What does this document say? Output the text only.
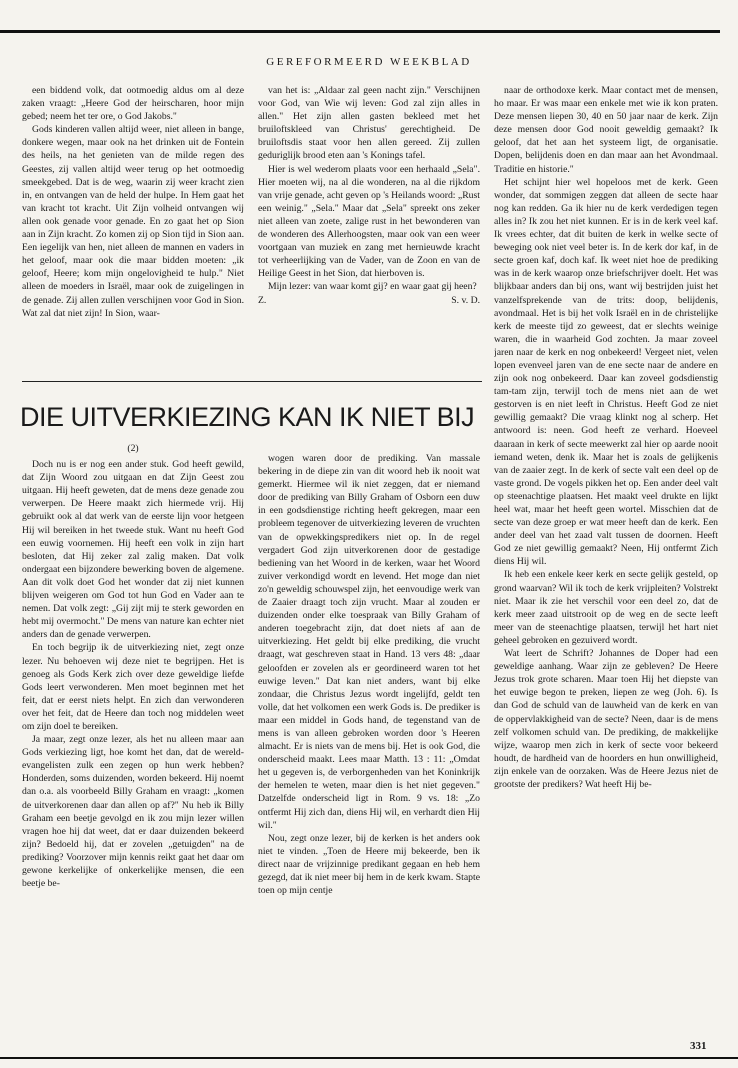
GEREFORMEERD WEEKBLAD

een biddend volk, dat ootmoedig aldus om al deze zaken vraagt: „Heere God der heirscharen, hoor mijn gebed; neem het ter ore, o God Jakobs."

Gods kinderen vallen altijd weer, niet alleen in bange, donkere wegen, maar ook na het drinken uit de Fontein des heils, na het genieten van de milde regen des Geestes, zij vallen altijd weer terug op het ootmoedig smeekgebed. Dat is de weg, waarin zij weer kracht zien in, en ontvangen van de held der hulpe. In Hem gaat het van kracht tot kracht. Uit Zijn volheid ontvangen wij allen ook genade voor genade. En zo gaat het op Sion aan in Zijn kracht. Zo komen zij op Sion tijd in Sion aan. Een iegelijk van hen, niet alleen de mannen en vaders in het geloof, maar ook die maar bidden moeten: „ik geloof, Heere; kom mijn ongelovigheid te hulp." Niet alleen de moeders in Israël, maar ook de zuigelingen in de genade. Zij allen zullen verschijnen voor God in Sion. Wat zal dat niet zijn! In Sion, waar-

van het is: „Aldaar zal geen nacht zijn." Verschijnen voor God, van Wie wij leven: God zal zijn alles in allen." Het zijn allen gasten bekleed met het bruiloftskleed van Christus' gerechtigheid. De bruiloftsdis staat voor hen allen gereed. Zij zullen geduriglijk brood eten aan 's Konings tafel.

Hier is wel wederom plaats voor een herhaald „Sela". Hier moeten wij, na al die wonderen, na al die rijkdom van vrije genade, acht geven op 's Heilands woord: „Rust een weinig." „Sela." Maar dat „Sela" spreekt ons zeker niet alleen van zoete, zalige rust in het bewonderen van de wonderen des Allerhoogsten, maar ook van een weer voortgaan van muziek en zang met hernieuwde kracht tot verheerlijking van de Vader, van de Zoon en van de Heilige Geest in het Sion, dat hierboven is.

Mijn lezer: van waar komt gij? en waar gaat gij heen?

Z.	S. v. D.

DIE UITVERKIEZING KAN IK NIET BIJ

(2)

Doch nu is er nog een ander stuk. God heeft gewild, dat Zijn Woord zou uitgaan en dat Zijn Geest zou uitgaan. Hij heeft geweten, dat de mens deze genade zou verwerpen. De Heere maakt zich hiermede vrij. Hij gebruikt ook al dat werk van de eerste lijn voor hetgeen Hij wil bereiken in het tweede stuk. Want nu heeft God een euwig voornemen. Hij heeft een volk in zijn hart besloten, dat Hij zeker zal zalig maken. Dat volk ondergaat een bijzondere bewerking boven de algemene. Aan dit volk doet God het wonder dat zij niet kunnen blijven weigeren om God tot hun God en Vader aan te nemen. Dat volk zegt: „Gij zijt mij te sterk geworden en hebt mij overmocht." De mens van nature kan echter niet anders dan de genade verwerpen.

En toch begrijp ik de uitverkiezing niet, zegt onze lezer. Nu behoeven wij deze niet te begrijpen. Het is genoeg als Gods Kerk zich over deze geweldige liefde Gods leert verwonderen. Men moet beginnen met het feit, dat er eerst niets helpt. En zich dan verwonderen over het feit, dat de Heere dan toch nog middelen weet om zijn doel te bereiken.

Ja maar, zegt onze lezer, als het nu alleen maar aan Gods verkiezing ligt, hoe komt het dan, dat de wereld-evangelisten zulk een zegen op hun werk hebben? Honderden, soms duizenden, worden bekeerd. Hij noemt dan o.a. als voorbeeld Billy Graham en vraagt: „komen de uitverkorenen daar dan allen op af?" Nu heb ik Billy Graham een beetje gevolgd en ik zou mijn lezer willen vragen hoe hij dat weet, dat er daar duizenden bekeerd zijn? Bedoeld hij, dat er zovelen „getuigden" na de prediking? Voorzover mijn kennis reikt gaat het daar om gewone kerkelijke of onkerkelijke mensen, die een beetje be-

wogen waren door de prediking. Van massale bekering in de diepe zin van dit woord heb ik nooit wat gemerkt. Hiermee wil ik niet zeggen, dat er niemand door de prediking van Billy Graham of Osborn een duw in een godsdienstige richting heeft gekregen, maar een probleem tegenover de uitverkiezing leveren de vruchten van de opwekkingspredikers niet op. In de regel vergadert God zijn uitverkorenen door de gestadige bediening van het Woord in de kerken, waar het Woord zuiver verkondigd wordt en levend. Het moge dan niet zo'n geweldig schouwspel zijn, het eenvoudige werk van de Zaaier draagt toch zijn vrucht. Maar al zouden er duizenden onder elke toespraak van Billy Graham of anderen toegebracht zijn, dat doet niets af aan de uitverkiezing. Het geldt bij elke prediking, die vrucht draagt, wat geschreven staat in Hand. 13 vers 48: „daar geloofden er zovelen als er geordineerd waren tot het euwige leven." Dat kan niet anders, want bij elke zondaar, die Christus Jezus wordt ingelijfd, geldt ten volle, dat het volkomen een werk Gods is. De prediker is maar een middel in Gods hand, de tegenstand van de mens is van alleen gebroken worden door 's Heeren almacht. Er is niets van de mens bij. Het is ook God, die onderscheid maakt. Lees maar Matth. 13 : 11: „Omdat het u gegeven is, de verborgenheden van het Koninkrijk der hemelen te weten, maar dien is het niet gegeven." Datzelfde onderscheid ligt in Rom. 9 vs. 18: „Zo ontfermt Hij zich dan, diens Hij wil, en verhardt dien Hij wil."

Nou, zegt onze lezer, bij de kerken is het anders ook niet te vinden. „Toen de Heere mij bekeerde, ben ik direct naar de vrijzinnige predikant gegaan en heb hem gezegd, dat ik niet meer bij hem in de kerk kwam. Stapte toen op mijn centje

naar de orthodoxe kerk. Maar contact met de mensen, ho maar. Er was maar een enkele met wie ik kon praten. Deze mensen liepen 30, 40 en 50 jaar naar de kerk. Zijn deze mensen door God nooit geweldig gemaakt? Ik geloof, dat het aan het systeem ligt, de organisatie. Dopen, belijdenis doen en dan maar aan het Avondmaal. Traditie en historie."

Het schijnt hier wel hopeloos met de kerk. Geen wonder, dat sommigen zeggen dat alleen de secte haar nog kan redden. Ga ik hier nu de kerk verdedigen tegen alles in? Ik zou het niet kunnen. Er is in de kerk veel kaf. Ik vrees echter, dat dit buiten de kerk in welke secte of beweging ook niet veel beter is. In de kerk dor kaf, in de secte groen kaf, doch kaf. Ik weet niet hoe de prediking was in de kerk waarop onze briefschrijver doelt. Het was blijkbaar anders dan bij ons, want wij bestrijden juist het vanzelfsprekende van de trits: doop, belijdenis, avondmaal. Het is bij het volk Israël en in de christelijke kerk de meeste tijd zo geweest, dat er slechts weinige waren, die in waarheid God zochten. Ja maar zoveel jaren naar de kerk en nog onbekeerd! Vergeet niet, velen lopen evenveel jaren van de ene secte naar de andere en zijn ook nog onbekeerd. Daar kan zoveel godsdienstig tam-tam zijn, terwijl toch de mens niet aan de wet gestorven is en niet leeft in Christus. Heeft God ze niet gewillig gemaakt? Die vraag klinkt nog al scherp. Het antwoord is: neen. God heeft ze verhard. Hoeveel daaraan in kerk of secte meewerkt zal hier op aarde nooit iemand weten, denk ik. Maar het is zoals de gelijkenis van de zaaier zegt. In de kerk of secte valt een deel op de vaste grond. De vogels pikken het op. Een ander deel valt op steenachtige plaatsen. Het maakt veel drukte en lijkt heel wat, maar het heeft geen wortel. Misschien dat de secte van deze groep er wat meer heeft dan de kerk. Een ander deel van het zaad valt tussen de doornen. Heeft God ze niet gewillig gemaakt? Neen, Hij ontfermt Zich diens Hij wil.

Ik heb een enkele keer kerk en secte gelijk gesteld, op grond waarvan? Wil ik toch de kerk vrijpleiten? Volstrekt niet. Maar ik zie het verschil voor een deel zo, dat de kerk meer zaad uitstrooit op de weg en de secte leeft meer van de steenachtige plaatsen, terwijl het hart niet geheel gebroken en gezuiverd wordt.

Wat leert de Schrift? Johannes de Doper had een geweldige aanhang. Waar zijn ze gebleven? De Heere Jezus trok grote scharen. Maar toen Hij het diepste van het euwige begon te preken, liepen ze weg (Joh. 6). Is dan God de schuld van de lauwheid van de kerk en van de oppervlakkigheid van de secte? Neen, daar is de mens zelf volkomen schuld van. De prediking, de makkelijke wijze, waarop men zich in kerk of secte voor bekeerd houdt, de hardheid van de hoorders en hun onwilligheid, zijn enkele van de oorzaken. Was de Heere Jezus niet de grootste der predikers? Wat heeft Hij be-

331
